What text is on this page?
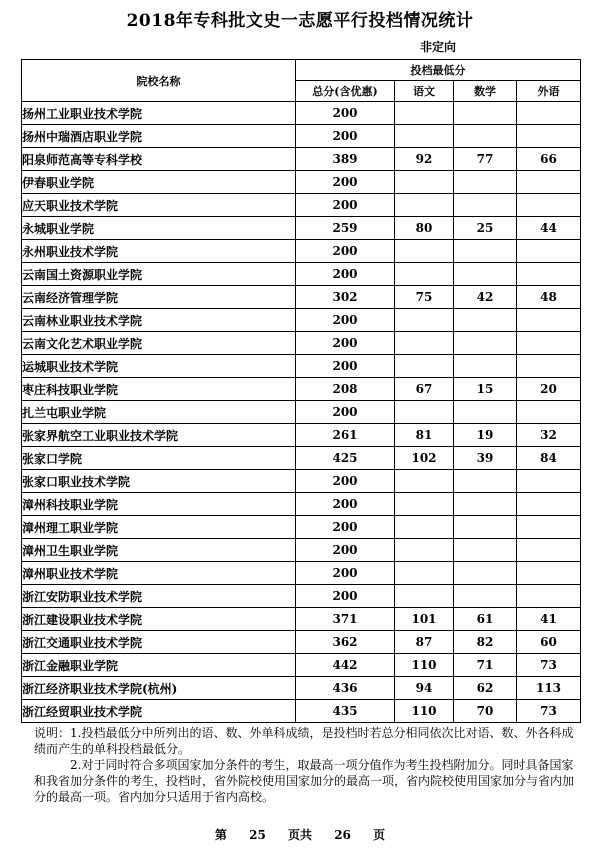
2018年专科批文史一志愿平行投档情况统计
非定向
院校名称	投档最低分			
	总分(含优惠)	语文	数学	外语
扬州工业职业技术学院	200			
扬州中瑞酒店职业学院	200			
阳泉师范高等专科学校	389	92	77	66
伊春职业学院	200			
应天职业技术学院	200			
永城职业学院	259	80	25	44
永州职业技术学院	200			
云南国土资源职业学院	200			
云南经济管理学院	302	75	42	48
云南林业职业技术学院	200			
云南文化艺术职业学院	200			
运城职业技术学院	200			
枣庄科技职业学院	208	67	15	20
扎兰屯职业学院	200			
张家界航空工业职业技术学院	261	81	19	32
张家口学院	425	102	39	84
张家口职业技术学院	200			
漳州科技职业学院	200			
漳州理工职业学院	200			
漳州卫生职业学院	200			
漳州职业技术学院	200			
浙江安防职业技术学院	200			
浙江建设职业技术学院	371	101	61	41
浙江交通职业技术学院	362	87	82	60
浙江金融职业学院	442	110	71	73
浙江经济职业技术学院(杭州)	436	94	62	113
浙江经贸职业技术学院	435	110	70	73

说明：1.投档最低分中所列出的语、数、外单科成绩，是投档时若总分相同依次比对语、数、外各科成绩而产生的单科投档最低分。

2.对于同时符合多项国家加分条件的考生，取最高一项分值作为考生投档附加分。同时具备国家和我省加分条件的考生，投档时，省外院校使用国家加分的最高一项，省内院校使用国家加分与省内加分的最高一项。省内加分只适用于省内高校。

第 25 页共 26 页
